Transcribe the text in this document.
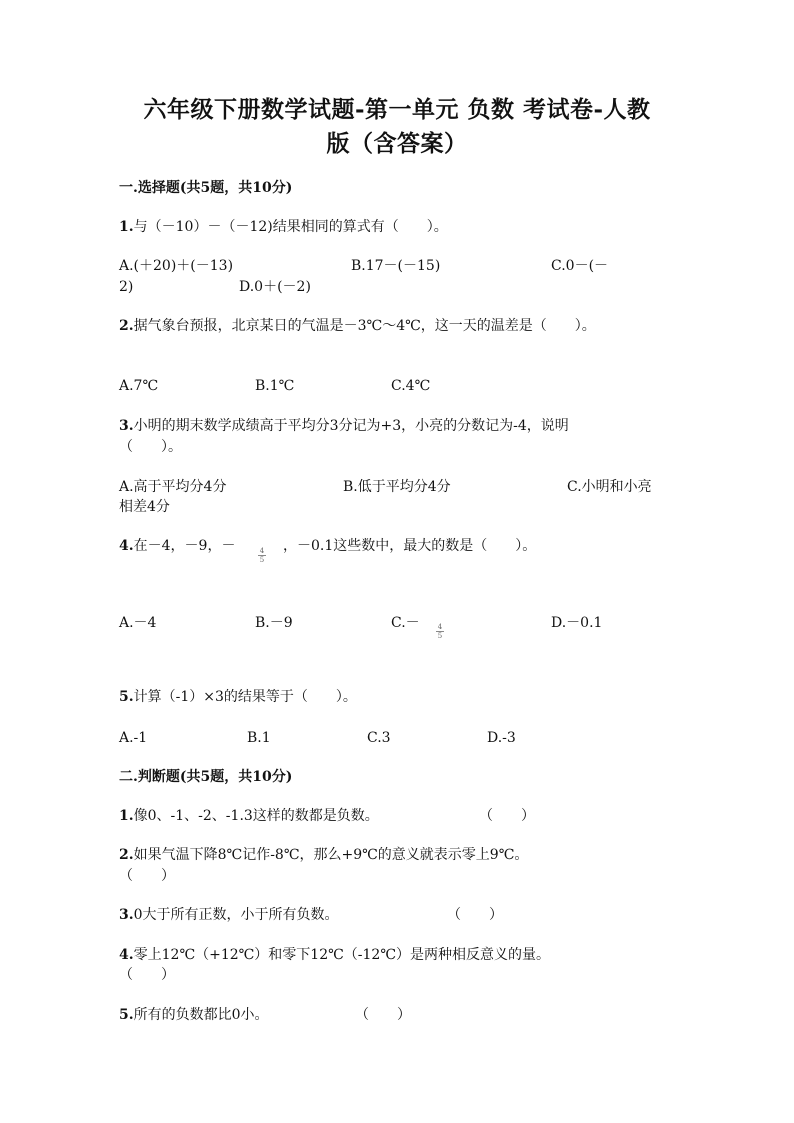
六年级下册数学试题-第一单元 负数 考试卷-人教
版（含答案）
一.选择题(共5题，共10分)
1.与（－10）－（－12)结果相同的算式有（　　）。
A.(＋20)＋(－13)	B.17－(－15)	C.0－(－
2)	D.0＋(－2)
2.据气象台预报，北京某日的气温是－3℃～4℃，这一天的温差是（　　）。
A.7℃	B.1℃	C.4℃
3.小明的期末数学成绩高于平均分3分记为+3，小亮的分数记为-4，说明
（　　）。
A.高于平均分4分	B.低于平均分4分	C.小明和小亮
相差4分
4.在－4，－9，－	4
5
，－0.1这些数中，最大的数是（　　）。
A.－4	B.－9	C.－	4
5
D.－0.1
5.计算（-1）×3的结果等于（　　）。
A.-1	B.1	C.3	D.-3
二.判断题(共5题，共10分)
1.像0、-1、-2、-1.3这样的数都是负数。	（　　）
2.如果气温下降8℃记作-8℃，那么+9℃的意义就表示零上9℃。
（　　）
3.0大于所有正数，小于所有负数。	（　　）
4.零上12℃（+12℃）和零下12℃（-12℃）是两种相反意义的量。
（　　）
5.所有的负数都比0小。	（　　）
